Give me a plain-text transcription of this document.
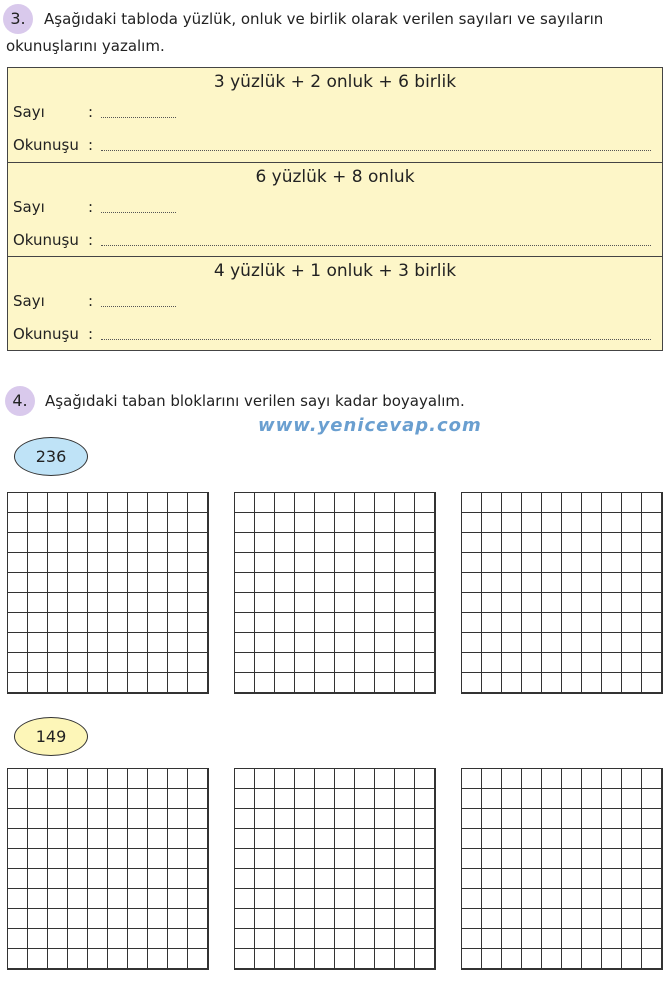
3.	Aşağıdaki tabloda yüzlük, onluk ve birlik olarak verilen sayıları ve sayıların
okunuşlarını yazalım.
3 yüzlük + 2 onluk + 6 birlik
Sayı	:
Okunuşu :
6 yüzlük + 8 onluk
Sayı	:
Okunuşu :
4 yüzlük + 1 onluk + 3 birlik
Sayı	:
Okunuşu :
4.	Aşağıdaki taban bloklarını verilen sayı kadar boyayalım.
www.yenicevap.com
236
149
